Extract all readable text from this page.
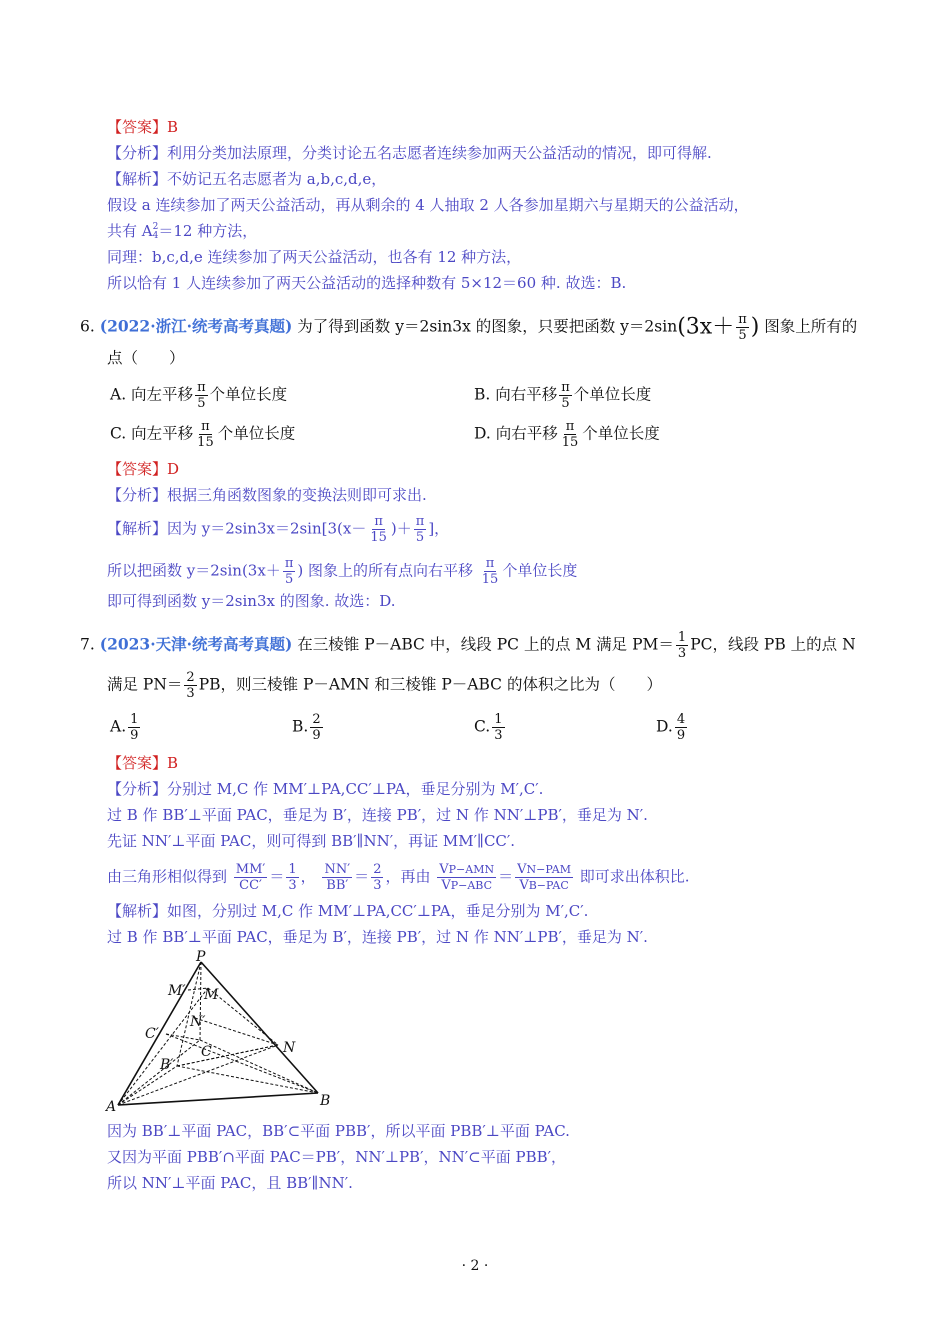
【答案】B
【分析】利用分类加法原理，分类讨论五名志愿者连续参加两天公益活动的情况，即可得解.
【解析】不妨记五名志愿者为 a,b,c,d,e，
假设 a 连续参加了两天公益活动，再从剩余的 4 人抽取 2 人各参加星期六与星期天的公益活动，
共有 A 2
4 ＝12 种方法，
同理：b,c,d,e 连续参加了两天公益活动，也各有 12 种方法，
所以恰有 1 人连续参加了两天公益活动的选择种数有 5×12＝60 种. 故选：B.
6. (2022·浙江·统考高考真题) 为了得到函数 y＝2sin3x 的图象，只要把函数 $y=2\sin(3x+ \frac{\pi}{5}$ ) 图象上所有的
点（　　）
A. 向左平移 $\frac{\pi}{5}$ 个单位长度	B. 向右平移 $\frac{\pi}{5}$ 个单位长度
C. 向左平移 $\frac{\pi}{15}$ 个单位长度	D. 向右平移 $\frac{\pi}{15}$ 个单位长度
【答案】D
【分析】根据三角函数图象的变换法则即可求出.
【解析】因为 $y=2\sin 3x=2\sin[3(x- \frac{\pi}{15}$ )＋ $\frac{\pi}{5}$ ]，
所以把函数 $y=2\sin(3x+ \frac{\pi}{5}$ ) 图象上的所有点向右平移 $\frac{\pi}{15}$ 个单位长度
即可得到函数 y＝2sin3x 的图象. 故选：D.
7. (2023·天津·统考高考真题) 在三棱锥 P－ABC 中，线段 PC 上的点 M 满足 $PM= \frac{1}{3}$ PC，线段 PB 上的点 N
满足 $PN= \frac{2}{3}$ PB，则三棱锥 P－AMN 和三棱锥 P－ABC 的体积之比为（　　）
A. $\frac{1}{9}$	B. $\frac{2}{9}$	C. $\frac{1}{3}$	D. $\frac{4}{9}$
【答案】B
【分析】分别过 M,C 作 MM′⊥PA,CC′⊥PA，垂足分别为 M′,C′.
过 B 作 BB′⊥平面 PAC，垂足为 B′，连接 PB′，过 N 作 NN′⊥PB′，垂足为 N′.
先证 NN′⊥平面 PAC，则可得到 BB′∥NN′，再证 MM′∥CC′.
由三角形相似得到 $\frac{MM'}{CC'} = \frac{1}{3}$ ， $\frac{NN'}{BB'} = \frac{2}{3}$ ，再由 $\frac{\text{VP−AMN}}{\text{VP−ABC}} = \frac{\text{VN−PAM}}{\text{VB−PAC}}$ 即可求出体积比.
【解析】如图，分别过 M,C 作 MM′⊥PA,CC′⊥PA，垂足分别为 M′,C′.
过 B 作 BB′⊥平面 PAC，垂足为 B′，连接 PB′，过 N 作 NN′⊥PB′，垂足为 N′.
P
M′ M
N′
C′
C	N
B′
A	B
因为 BB′⊥平面 PAC，BB′⊂平面 PBB′，所以平面 PBB′⊥平面 PAC.
又因为平面 PBB′∩平面 PAC＝PB′，NN′⊥PB′，NN′⊂平面 PBB′，
所以 NN′⊥平面 PAC，且 BB′∥NN′.
· 2 ·
